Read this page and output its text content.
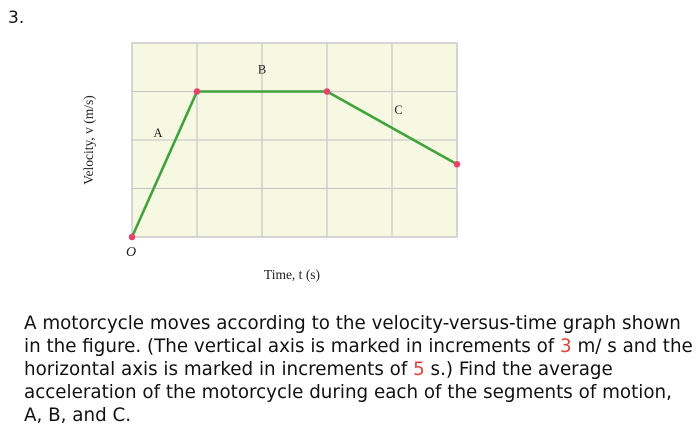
3.
A
B
C
O
Velocity, v (m/s)
Time, t (s)

A motorcycle moves according to the velocity-versus-time graph shown in the figure. (The vertical axis is marked in increments of 3 m/ s and the horizontal axis is marked in increments of 5 s.) Find the average acceleration of the motorcycle during each of the segments of motion, A, B, and C.
